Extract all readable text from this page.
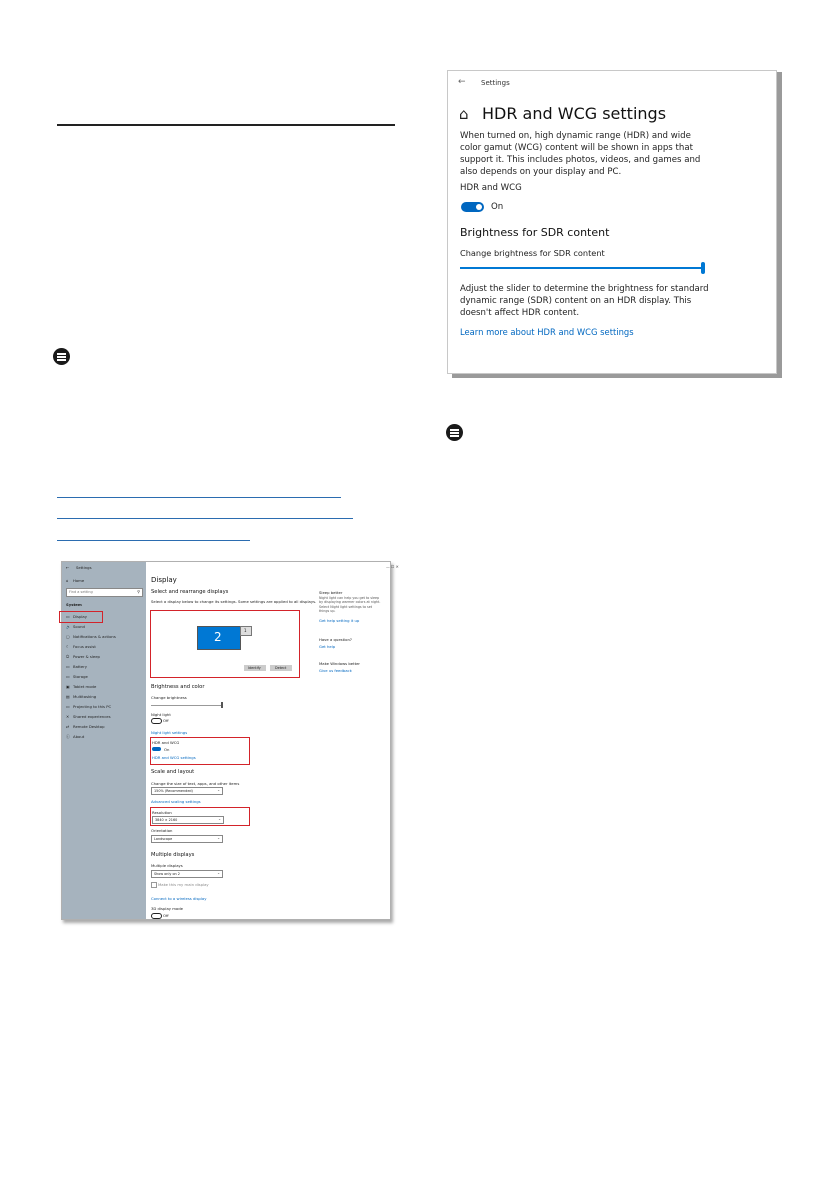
← Settings
⌂ HDR and WCG settings
When turned on, high dynamic range (HDR) and wide color gamut (WCG) content will be shown in apps that support it. This includes photos, videos, and games and also depends on your display and PC.
HDR and WCG
On
Brightness for SDR content
Change brightness for SDR content
Adjust the slider to determine the brightness for standard dynamic range (SDR) content on an HDR display. This doesn't affect HDR content.
Learn more about HDR and WCG settings
← Settings
⌂ Home
Find a setting	⚲
System
▭ Display
🔈 Sound
▢ Notifications & actions
☾ Focus assist
⏻ Power & sleep
▭ Battery
▭ Storage
▣ Tablet mode
▤ Multitasking
▭ Projecting to this PC
✕ Shared experiences
⇄ Remote Desktop
ⓘ About
— ☐ ✕
Display
Select and rearrange displays
Select a display below to change its settings. Some settings are applied to all displays.
2	1
Identify	Detect
Brightness and color
Change brightness
Night light
Off
Night light settings
HDR and WCG
On
HDR and WCG settings
Scale and layout
Change the size of text, apps, and other items
150% (Recommended)	⌄
Advanced scaling settings
Resolution
3840 × 2160	⌄
Orientation
Landscape	⌄
Multiple displays
Multiple displays
Show only on 2	⌄
Make this my main display
Connect to a wireless display
3D display mode
Off
Sleep better
Night light can help you get to sleep by displaying warmer colors at night. Select Night light settings to set things up.
Get help setting it up
Have a question?
Get help
Make Windows better
Give us feedback
